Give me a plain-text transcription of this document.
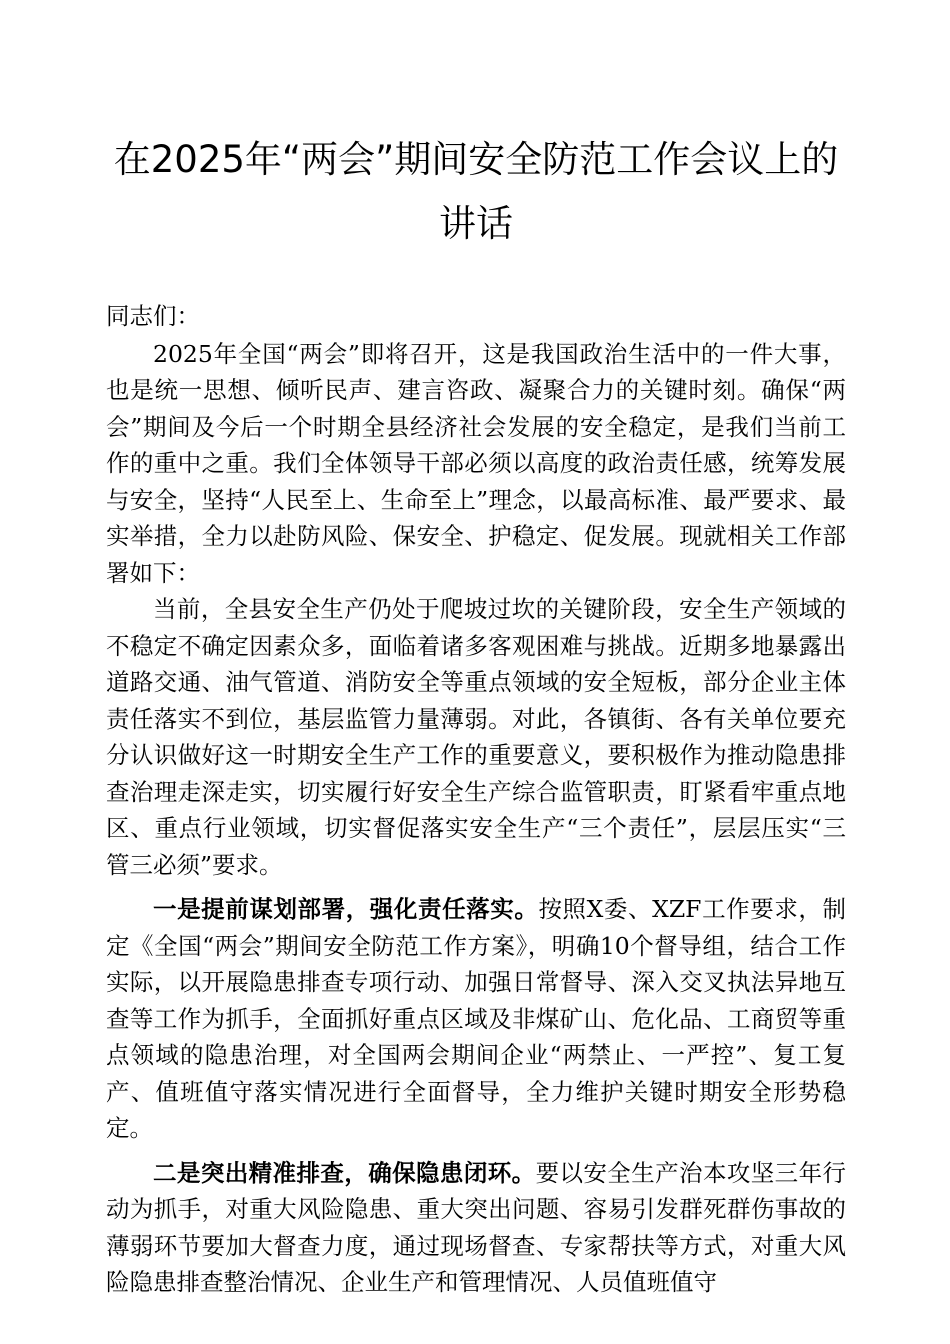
在2025年“两会”期间安全防范工作会议上的
讲话

同志们：

2025年全国“两会”即将召开，这是我国政治生活中的一件大事，也是统一思想、倾听民声、建言咨政、凝聚合力的关键时刻。确保“两会”期间及今后一个时期全县经济社会发展的安全稳定，是我们当前工作的重中之重。我们全体领导干部必须以高度的政治责任感，统筹发展与安全，坚持“人民至上、生命至上”理念，以最高标准、最严要求、最实举措，全力以赴防风险、保安全、护稳定、促发展。现就相关工作部署如下：

当前，全县安全生产仍处于爬坡过坎的关键阶段，安全生产领域的不稳定不确定因素众多，面临着诸多客观困难与挑战。近期多地暴露出道路交通、油气管道、消防安全等重点领域的安全短板，部分企业主体责任落实不到位，基层监管力量薄弱。对此，各镇街、各有关单位要充分认识做好这一时期安全生产工作的重要意义，要积极作为推动隐患排查治理走深走实，切实履行好安全生产综合监管职责，盯紧看牢重点地区、重点行业领域，切实督促落实安全生产“三个责任”，层层压实“三管三必须”要求。

一是提前谋划部署，强化责任落实。按照X委、XZF工作要求，制定《全国“两会”期间安全防范工作方案》，明确10个督导组，结合工作实际，以开展隐患排查专项行动、加强日常督导、深入交叉执法异地互查等工作为抓手，全面抓好重点区域及非煤矿山、危化品、工商贸等重点领域的隐患治理，对全国两会期间企业“两禁止、一严控”、复工复产、值班值守落实情况进行全面督导，全力维护关键时期安全形势稳定。

二是突出精准排查，确保隐患闭环。要以安全生产治本攻坚三年行动为抓手，对重大风险隐患、重大突出问题、容易引发群死群伤事故的薄弱环节要加大督查力度，通过现场督查、专家帮扶等方式，对重大风险隐患排查整治情况、企业生产和管理情况、人员值班值守
